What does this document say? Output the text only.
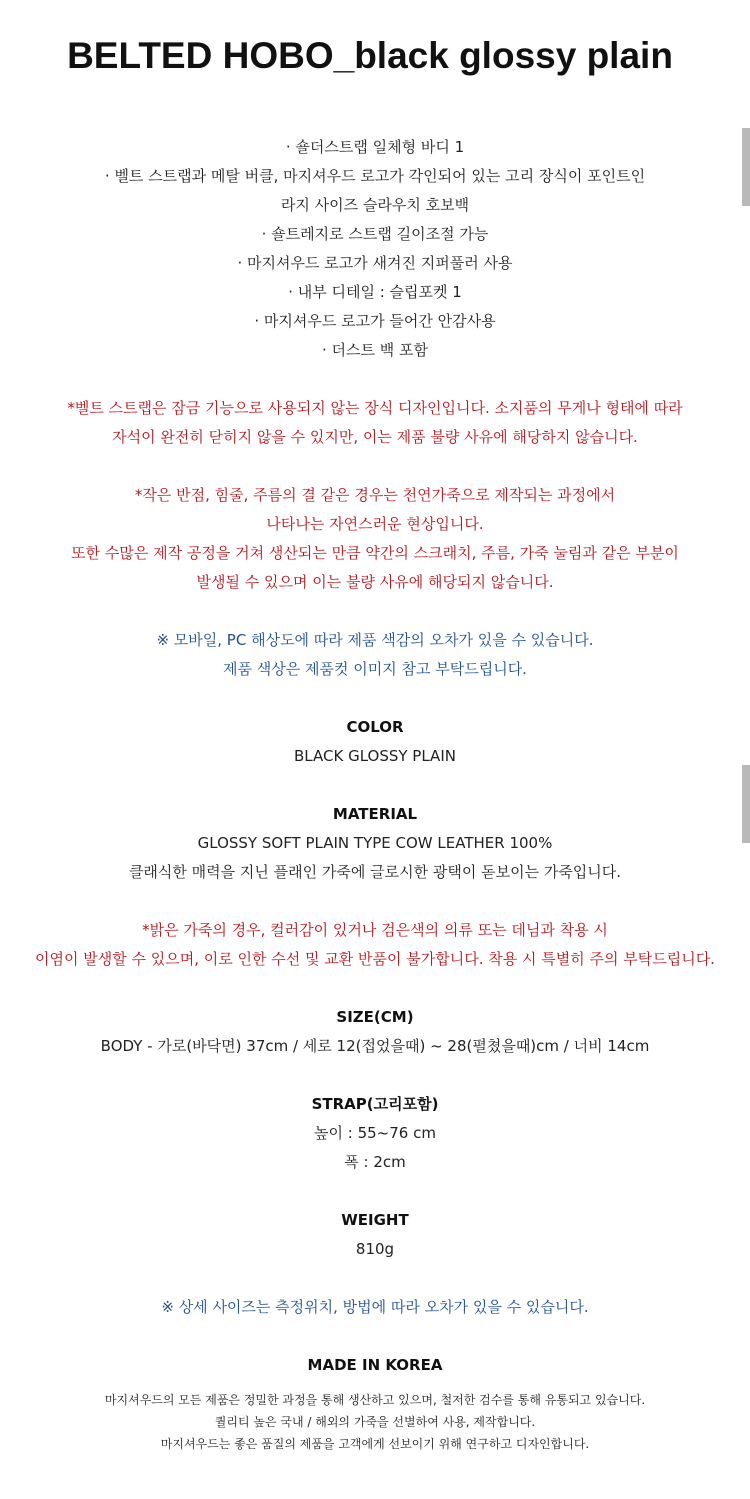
BELTED HOBO_black glossy plain
· 숄더스트랩 일체형 바디 1
· 벨트 스트랩과 메탈 버클, 마지셔우드 로고가 각인되어 있는 고리 장식이 포인트인
라지 사이즈 슬라우치 호보백
· 숄트레지로 스트랩 길이조절 가능
· 마지셔우드 로고가 새겨진 지퍼풀러 사용
· 내부 디테일 : 슬립포켓 1
· 마지셔우드 로고가 들어간 안감사용
· 더스트 백 포함
*벨트 스트랩은 잠금 기능으로 사용되지 않는 장식 디자인입니다. 소지품의 무게나 형태에 따라
자석이 완전히 닫히지 않을 수 있지만, 이는 제품 불량 사유에 해당하지 않습니다.
*작은 반점, 힘줄, 주름의 결 같은 경우는 천연가죽으로 제작되는 과정에서
나타나는 자연스러운 현상입니다.
또한 수많은 제작 공정을 거쳐 생산되는 만큼 약간의 스크래치, 주름, 가죽 눌림과 같은 부분이
발생될 수 있으며 이는 불량 사유에 해당되지 않습니다.
※ 모바일, PC 해상도에 따라 제품 색감의 오차가 있을 수 있습니다.
제품 색상은 제품컷 이미지 참고 부탁드립니다.
COLOR
BLACK GLOSSY PLAIN
MATERIAL
GLOSSY SOFT PLAIN TYPE COW LEATHER 100%
클래식한 매력을 지닌 플래인 가죽에 글로시한 광택이 돋보이는 가죽입니다.
*밝은 가죽의 경우, 컬러감이 있거나 검은색의 의류 또는 데님과 착용 시
이염이 발생할 수 있으며, 이로 인한 수선 및 교환 반품이 불가합니다. 착용 시 특별히 주의 부탁드립니다.
SIZE(CM)
BODY - 가로(바닥면) 37cm / 세로 12(접었을때) ~ 28(펼쳤을때)cm / 너비 14cm
STRAP(고리포함)
높이 : 55~76 cm
폭 : 2cm
WEIGHT
810g
※ 상세 사이즈는 측정위치, 방법에 따라 오차가 있을 수 있습니다.
MADE IN KOREA
마지셔우드의 모든 제품은 정밀한 과정을 통해 생산하고 있으며, 철저한 검수를 통해 유통되고 있습니다.
퀄리티 높은 국내 / 해외의 가죽을 선별하여 사용, 제작합니다.
마지셔우드는 좋은 품질의 제품을 고객에게 선보이기 위해 연구하고 디자인합니다.
